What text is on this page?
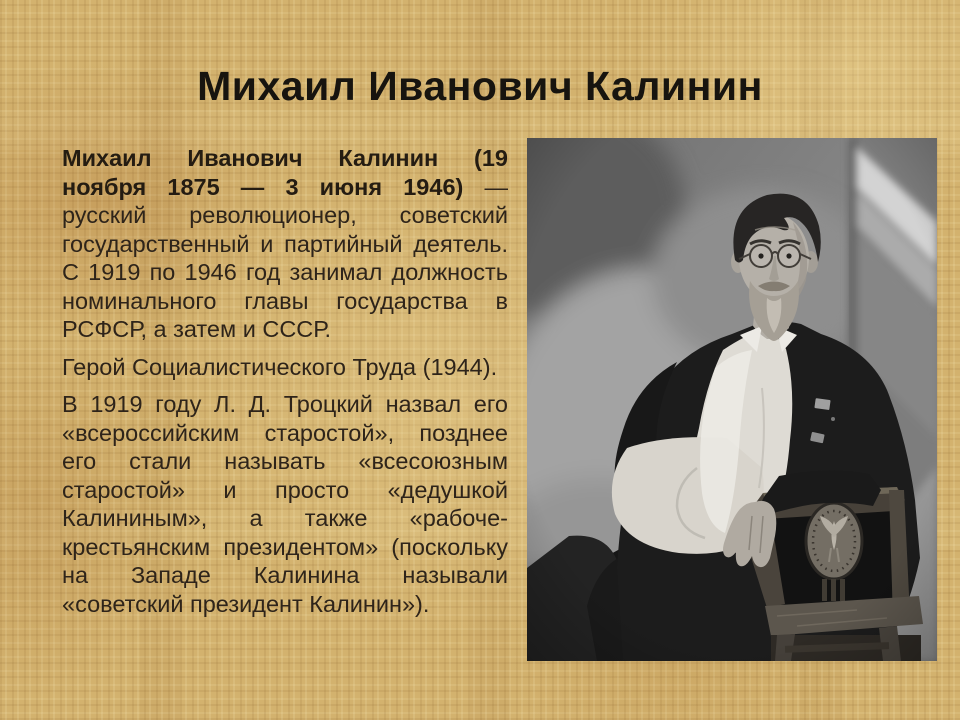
Михаил Иванович Калинин

Михаил Иванович Калинин (19 ноября 1875 — 3 июня 1946) — русский революционер, советский государственный и партийный деятель. С 1919 по 1946 год занимал должность номинального главы государства в РСФСР, а затем и СССР.

Герой Социалистического Труда (1944).

В 1919 году Л. Д. Троцкий назвал его «всероссийским старостой», позднее его стали называть «всесоюзным старостой» и просто «дедушкой Калининым», а также «рабоче-крестьянским президентом» (поскольку на Западе Калинина называли «советский президент Калинин»).
